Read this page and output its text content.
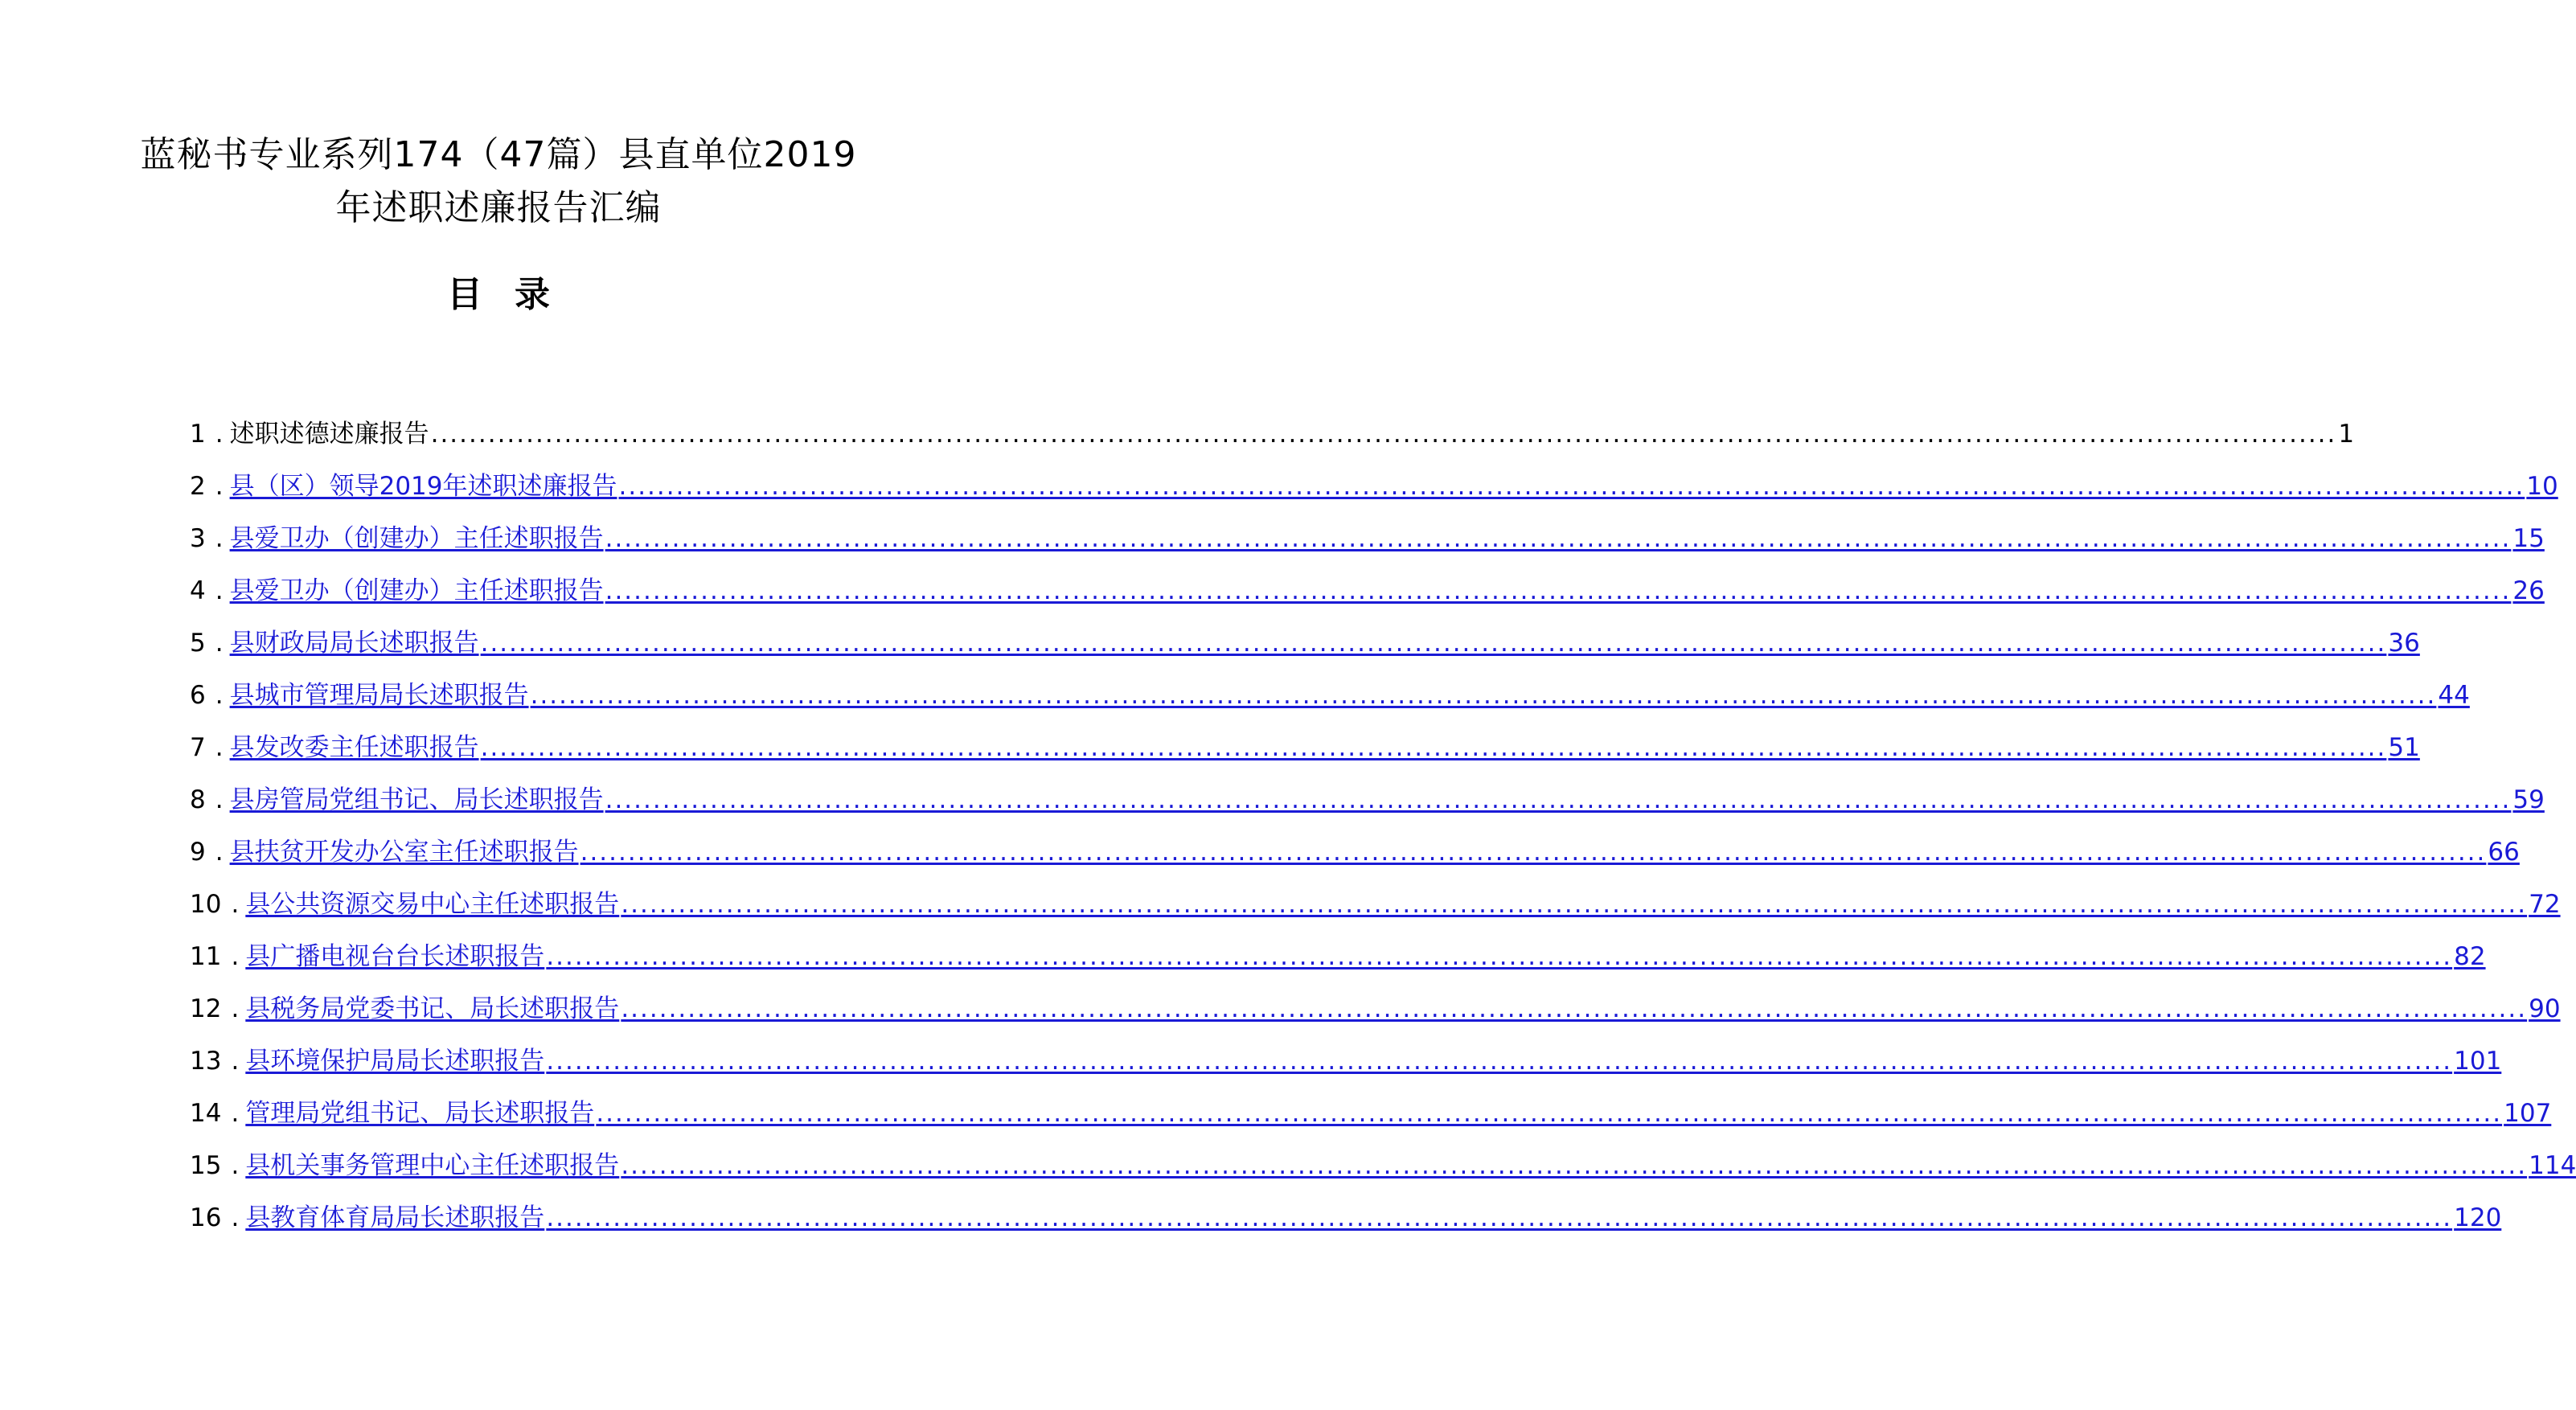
蓝秘书专业系列174（47篇）县直单位2019
年述职述廉报告汇编
目 录
1 . 述职述德述廉报告 ........................................................................................................................................................................................................ 1
2 . 县（区）领导2019年述职述廉报告 ........................................................................................................................................................................................................ 10
3 . 县爱卫办（创建办）主任述职报告 ........................................................................................................................................................................................................ 15
4 . 县爱卫办（创建办）主任述职报告 ........................................................................................................................................................................................................ 26
5 . 县财政局局长述职报告 ........................................................................................................................................................................................................ 36
6 . 县城市管理局局长述职报告 ........................................................................................................................................................................................................ 44
7 . 县发改委主任述职报告 ........................................................................................................................................................................................................ 51
8 . 县房管局党组书记、局长述职报告 ........................................................................................................................................................................................................ 59
9 . 县扶贫开发办公室主任述职报告 ........................................................................................................................................................................................................ 66
10 . 县公共资源交易中心主任述职报告 ........................................................................................................................................................................................................ 72
11 . 县广播电视台台长述职报告 ........................................................................................................................................................................................................ 82
12 . 县税务局党委书记、局长述职报告 ........................................................................................................................................................................................................ 90
13 . 县环境保护局局长述职报告 ........................................................................................................................................................................................................ 101
14 . 管理局党组书记、局长述职报告 ........................................................................................................................................................................................................ 107
15 . 县机关事务管理中心主任述职报告 ........................................................................................................................................................................................................ 114
16 . 县教育体育局局长述职报告 ........................................................................................................................................................................................................ 120
